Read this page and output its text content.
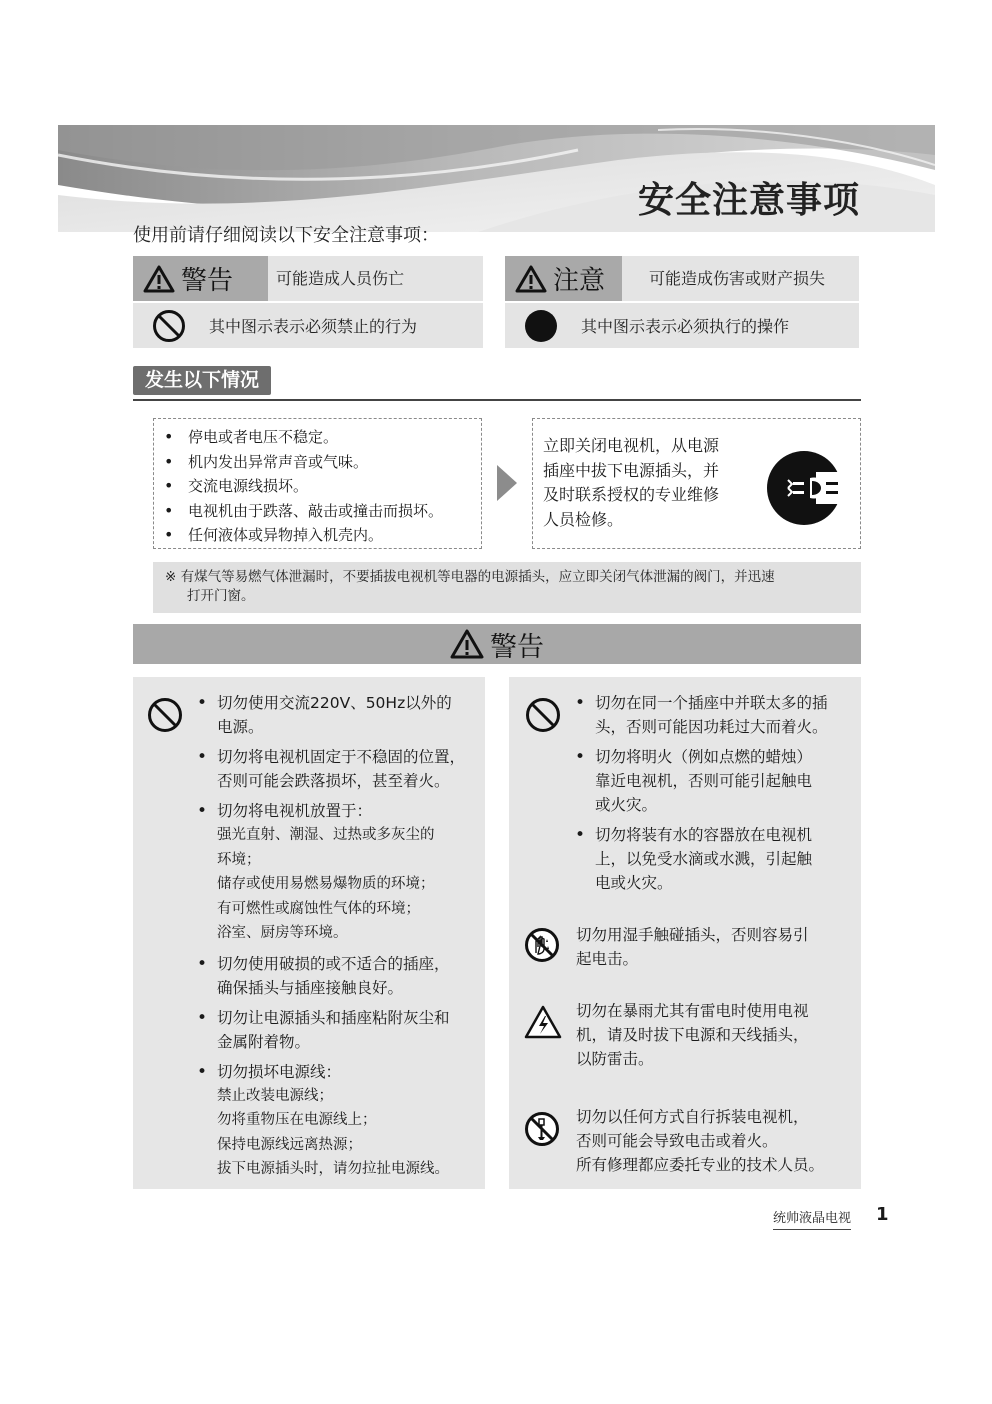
安全注意事项
使用前请仔细阅读以下安全注意事项：
警告	可能造成人员伤亡
其中图示表示必须禁止的行为
注意	可能造成伤害或财产损失
其中图示表示必须执行的操作
发生以下情况
• 停电或者电压不稳定。
• 机内发出异常声音或气味。
• 交流电源线损坏。
• 电视机由于跌落、敲击或撞击而损坏。
• 任何液体或异物掉入机壳内。
立即关闭电视机，从电源
插座中拔下电源插头，并
及时联系授权的专业维修
人员检修。
※ 有煤气等易燃气体泄漏时，不要插拔电视机等电器的电源插头，应立即关闭气体泄漏的阀门，并迅速
打开门窗。
警告
• 切勿使用交流220V、50Hz以外的
电源。
• 切勿将电视机固定于不稳固的位置，
否则可能会跌落损坏，甚至着火。
• 切勿将电视机放置于：
强光直射、潮湿、过热或多灰尘的
环境；
储存或使用易燃易爆物质的环境；
有可燃性或腐蚀性气体的环境；
浴室、厨房等环境。
• 切勿使用破损的或不适合的插座，
确保插头与插座接触良好。
• 切勿让电源插头和插座粘附灰尘和
金属附着物。
• 切勿损坏电源线：
禁止改装电源线；
勿将重物压在电源线上；
保持电源线远离热源；
拔下电源插头时，请勿拉扯电源线。
• 切勿在同一个插座中并联太多的插
头，否则可能因功耗过大而着火。
• 切勿将明火（例如点燃的蜡烛）
靠近电视机，否则可能引起触电
或火灾。
• 切勿将装有水的容器放在电视机
上，以免受水滴或水溅，引起触
电或火灾。
切勿用湿手触碰插头，否则容易引
起电击。
切勿在暴雨尤其有雷电时使用电视
机，请及时拔下电源和天线插头，
以防雷击。
切勿以任何方式自行拆装电视机，
否则可能会导致电击或着火。
所有修理都应委托专业的技术人员。
统帅液晶电视 1
